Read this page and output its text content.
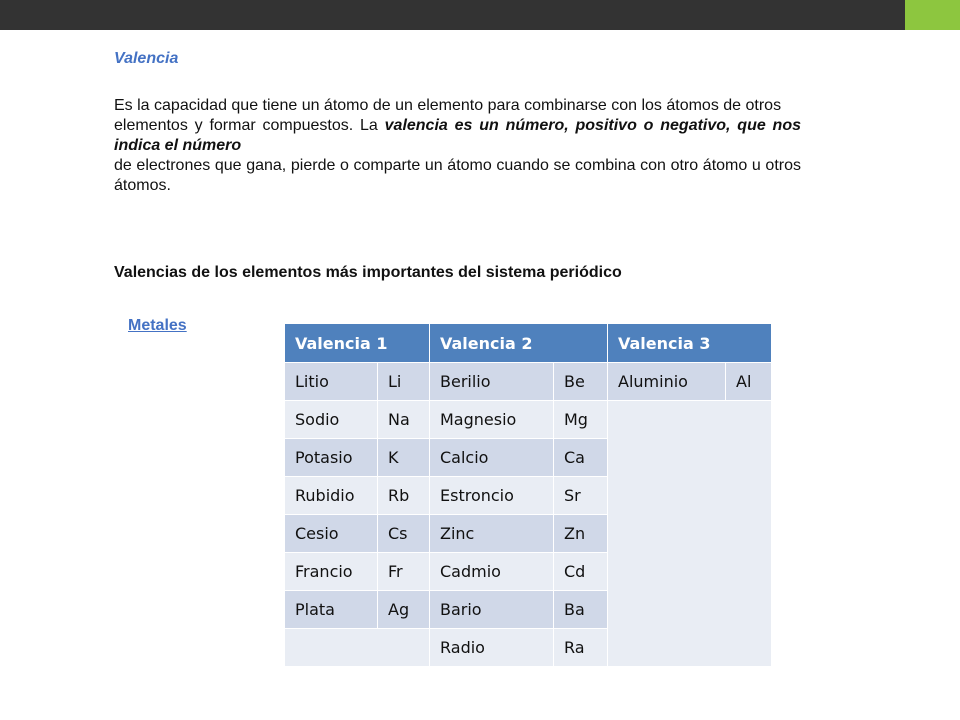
Valencia

Es la capacidad que tiene un átomo de un elemento para combinarse con los átomos de otros

elementos y formar compuestos. La valencia es un número, positivo o negativo, que nos indica el número

de electrones que gana, pierde o comparte un átomo cuando se combina con otro átomo u otros átomos.

Valencias de los elementos más importantes del sistema periódico
Metales
Valencia 1		Valencia 2		Valencia 3	
Litio	Li	Berilio	Be	Aluminio	Al
Sodio	Na	Magnesio	Mg		
Potasio	K	Calcio	Ca		
Rubidio	Rb	Estroncio	Sr		
Cesio	Cs	Zinc	Zn		
Francio	Fr	Cadmio	Cd		
Plata	Ag	Bario	Ba		
		Radio	Ra		
